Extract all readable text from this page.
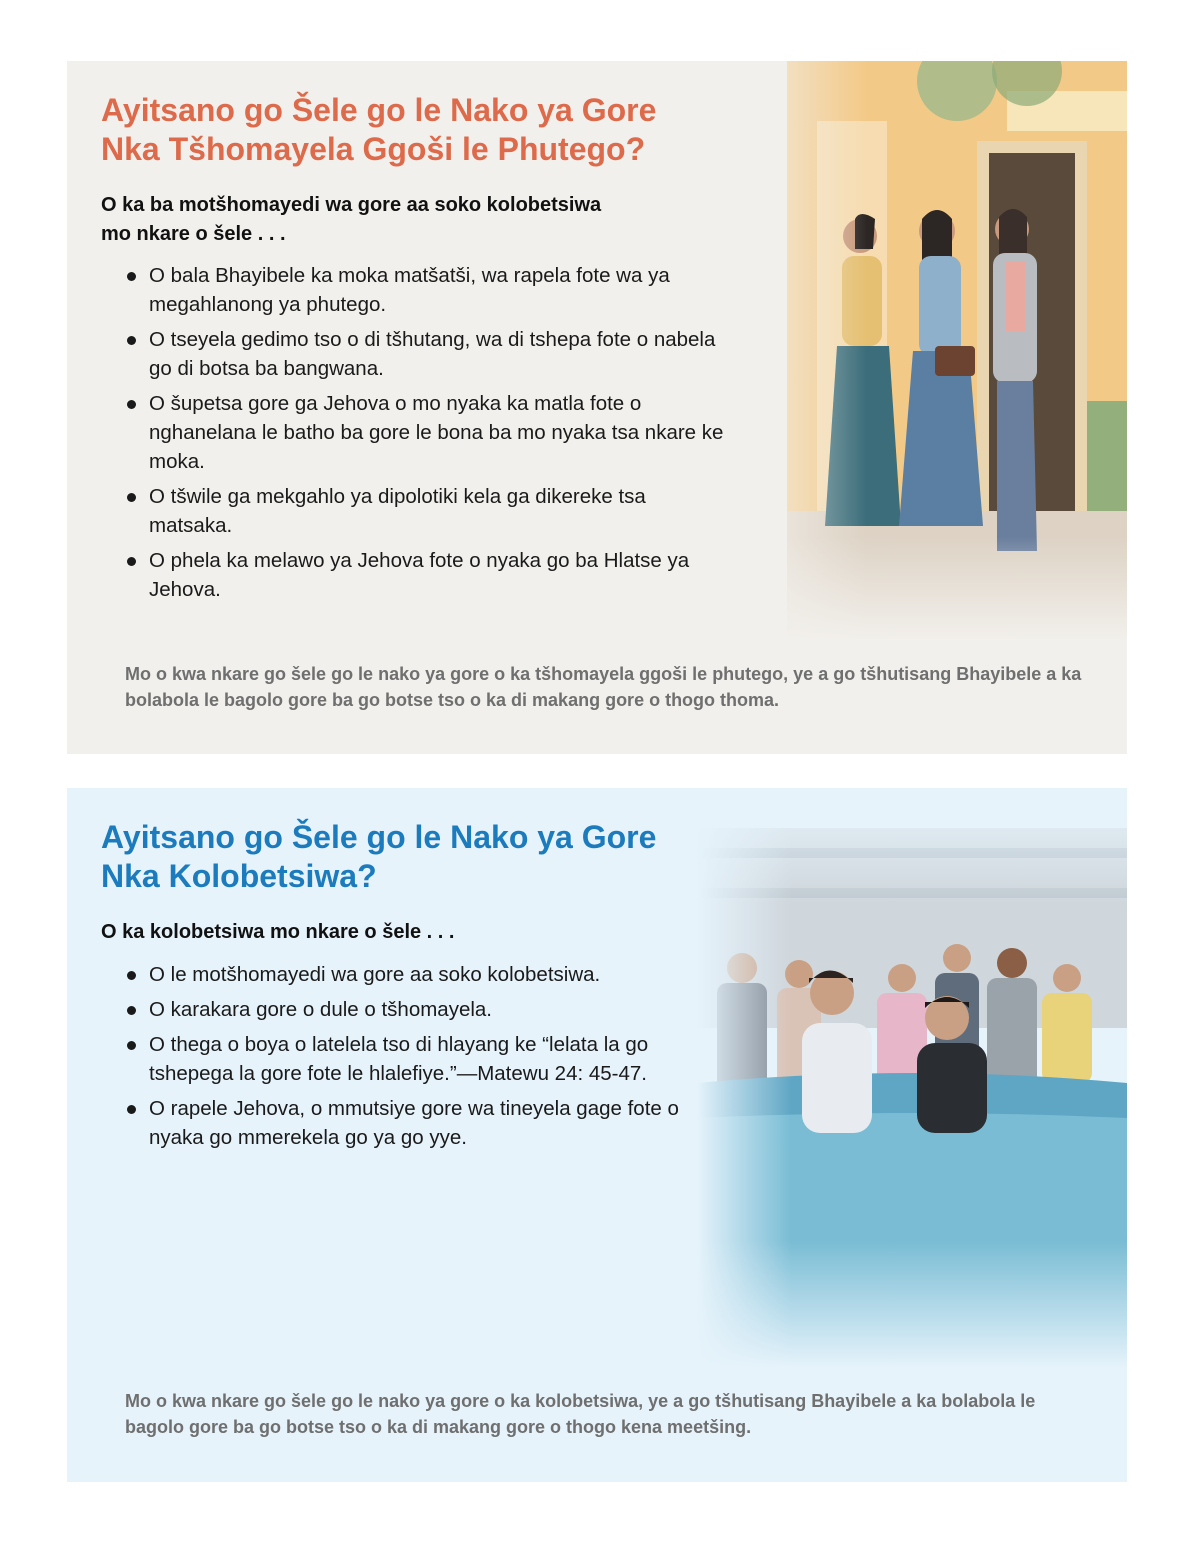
Ayitsano go Šele go le Nako ya Gore
Nka Tšhomayela Ggoši le Phutego?

O ka ba motšhomayedi wa gore aa soko kolobetsiwa
mo nkare o šele . . .

O bala Bhayibele ka moka matšatši, wa rapela fote wa ya megahlanong ya phutego.
O tseyela gedimo tso o di tšhutang, wa di tshepa fote o nabela go di botsa ba bangwana.
O šupetsa gore ga Jehova o mo nyaka ka matla fote o nghanelana le batho ba gore le bona ba mo nyaka tsa nkare ke moka.
O tšwile ga mekgahlo ya dipolotiki kela ga dikereke tsa matsaka.
O phela ka melawo ya Jehova fote o nyaka go ba Hlatse ya Jehova.

Mo o kwa nkare go šele go le nako ya gore o ka tšhomayela ggoši le phutego, ye a go tšhutisang Bhayibele a ka bolabola le bagolo gore ba go botse tso o ka di makang gore o thogo thoma.

Ayitsano go Šele go le Nako ya Gore
Nka Kolobetsiwa?

O ka kolobetsiwa mo nkare o šele . . .

O le motšhomayedi wa gore aa soko kolobetsiwa.
O karakara gore o dule o tšhomayela.
O thega o boya o latelela tso di hlayang ke “lelata la go tshepega la gore fote le hlalefiye.”—Matewu 24: 45-47.
O rapele Jehova, o mmutsiye gore wa tineyela gage fote o nyaka go mmerekela go ya go yye.

Mo o kwa nkare go šele go le nako ya gore o ka kolobetsiwa, ye a go tšhutisang Bhayibele a ka bolabola le bagolo gore ba go botse tso o ka di makang gore o thogo kena meetšing.
